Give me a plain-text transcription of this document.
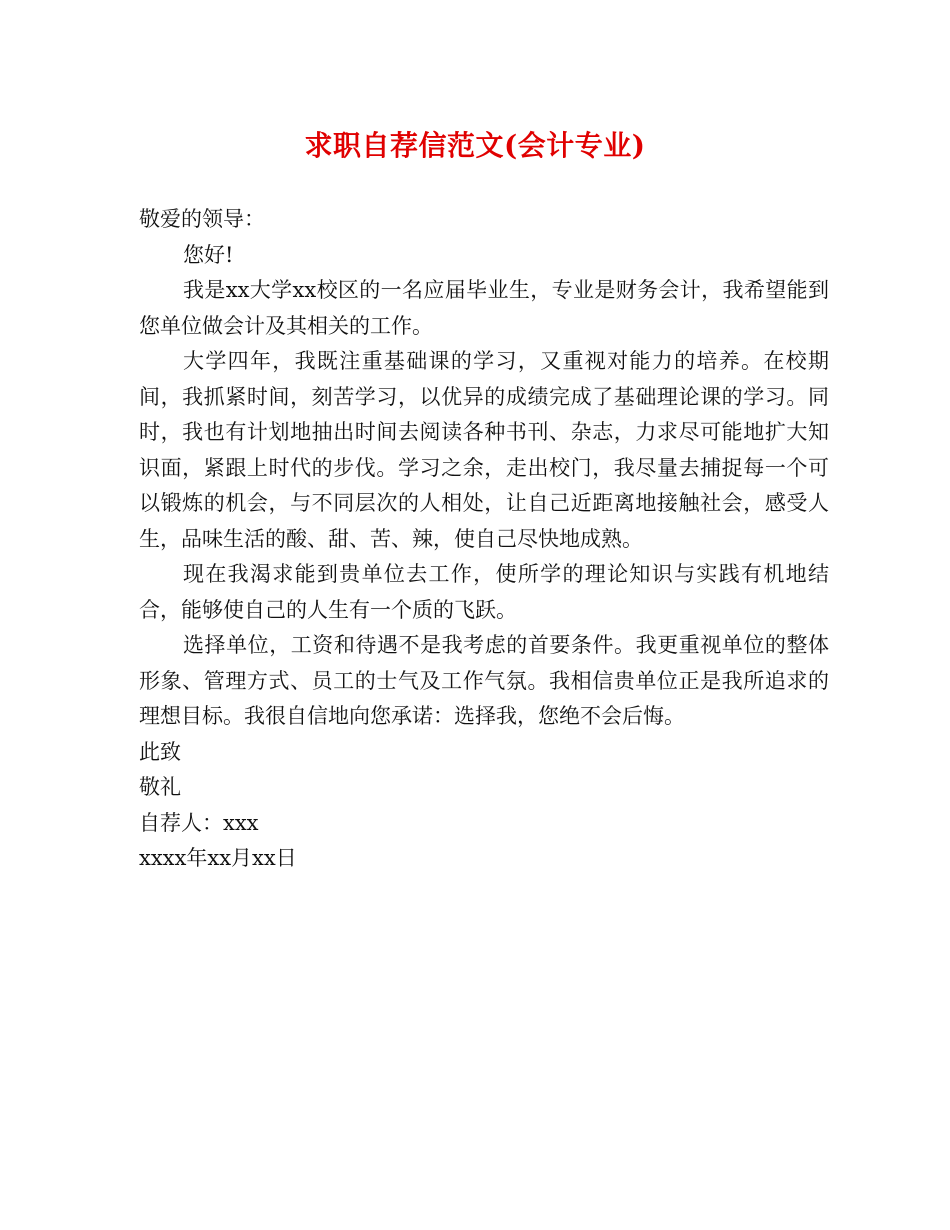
求职自荐信范文(会计专业)

敬爱的领导：

您好!

我是xx大学xx校区的一名应届毕业生，专业是财务会计，我希望能到您单位做会计及其相关的工作。

大学四年，我既注重基础课的学习，又重视对能力的培养。在校期间，我抓紧时间，刻苦学习，以优异的成绩完成了基础理论课的学习。同时，我也有计划地抽出时间去阅读各种书刊、杂志，力求尽可能地扩大知识面，紧跟上时代的步伐。学习之余，走出校门，我尽量去捕捉每一个可以锻炼的机会，与不同层次的人相处，让自己近距离地接触社会，感受人生，品味生活的酸、甜、苦、辣，使自己尽快地成熟。

现在我渴求能到贵单位去工作，使所学的理论知识与实践有机地结合，能够使自己的人生有一个质的飞跃。

选择单位，工资和待遇不是我考虑的首要条件。我更重视单位的整体形象、管理方式、员工的士气及工作气氛。我相信贵单位正是我所追求的理想目标。我很自信地向您承诺：选择我，您绝不会后悔。

此致

敬礼

自荐人：xxx

xxxx年xx月xx日
